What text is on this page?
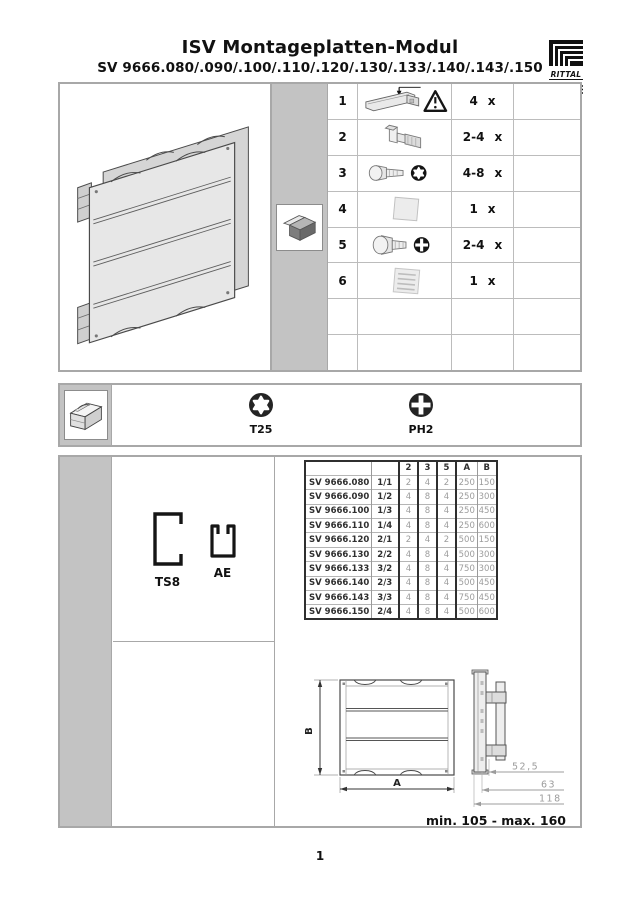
ISV Montageplatten-Modul
SV 9666.080/.090/.100/.110/.120/.130/.133/.140/.143/.150	RITTAL
1	4 x
2	2-4 x
3	4-8 x
4	1 x
5	2-4 x
6	1 x
T25	PH2
TS8
AE
		2	3	5	A	B
SV 9666.080	1/1	2	4	2	250	150
SV 9666.090	1/2	4	8	4	250	300
SV 9666.100	1/3	4	8	4	250	450
SV 9666.110	1/4	4	8	4	250	600
SV 9666.120	2/1	2	4	2	500	150
SV 9666.130	2/2	4	8	4	500	300
SV 9666.133	3/2	4	8	4	750	300
SV 9666.140	2/3	4	8	4	500	450
SV 9666.143	3/3	4	8	4	750	450
SV 9666.150	2/4	4	8	4	500	600
B
A
52,5
63
118
min. 105 - max. 160
1
